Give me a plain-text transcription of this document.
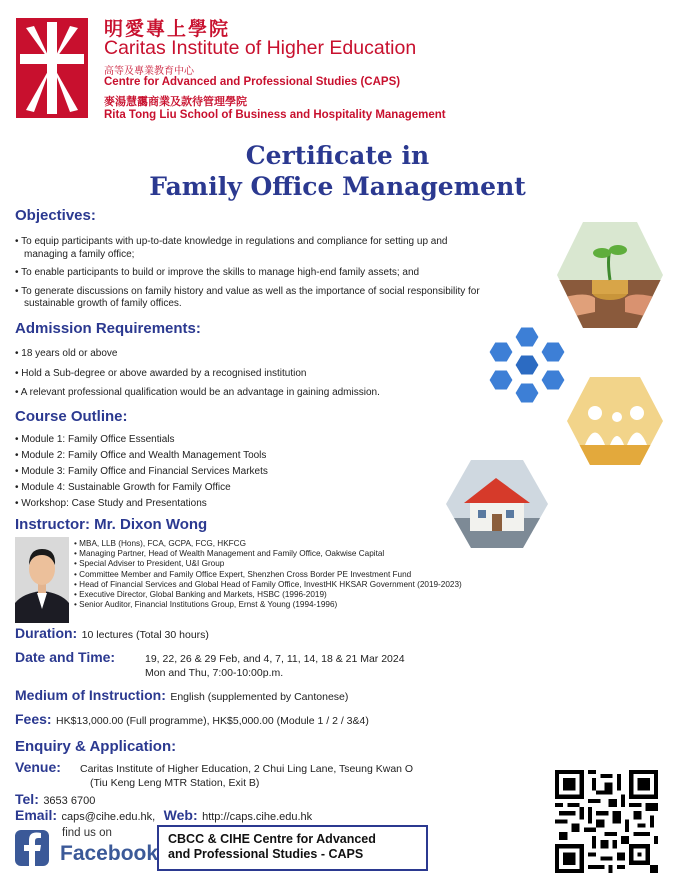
明愛專上學院
Caritas Institute of Higher Education
高等及專業教育中心
Centre for Advanced and Professional Studies (CAPS)
麥湯慧靄商業及款待管理學院
Rita Tong Liu School of Business and Hospitality Management
Certificate in
Family Office Management
Objectives:
• To equip participants with up-to-date knowledge in regulations and compliance for setting up and
managing a family office;
• To enable participants to build or improve the skills to manage high-end family assets; and
• To generate discussions on family history and value as well as the importance of social responsibility for
sustainable growth of family offices.
Admission Requirements:
• 18 years old or above
• Hold a Sub-degree or above awarded by a recognised institution
• A relevant professional qualification would be an advantage in gaining admission.
Course Outline:
• Module 1: Family Office Essentials
• Module 2: Family Office and Wealth Management Tools
• Module 3: Family Office and Financial Services Markets
• Module 4: Sustainable Growth for Family Office
• Workshop: Case Study and Presentations
Instructor: Mr. Dixon Wong
• MBA, LLB (Hons), FCA, GCPA, FCG, HKFCG
• Managing Partner, Head of Wealth Management and Family Office, Oakwise Capital
• Special Adviser to President, U&I Group
• Committee Member and Family Office Expert, Shenzhen Cross Border PE Investment Fund
• Head of Financial Services and Global Head of Family Office, InvestHK HKSAR Government (2019-2023)
• Executive Director, Global Banking and Markets, HSBC (1996-2019)
• Senior Auditor, Financial Institutions Group, Ernst & Young (1994-1996)
Duration: 10 lectures (Total 30 hours)
Date and Time:	19, 22, 26 & 29 Feb, and 4, 7, 11, 14, 18 & 21 Mar 2024
Mon and Thu, 7:00-10:00p.m.
Medium of Instruction: English (supplemented by Cantonese)
Fees: HK$13,000.00 (Full programme), HK$5,000.00 (Module 1 / 2 / 3&4)
Enquiry & Application:
Venue: Caritas Institute of Higher Education, 2 Chui Ling Lane, Tseung Kwan O
(Tiu Keng Leng MTR Station, Exit B)
Tel: 3653 6700
Email: caps@cihe.edu.hk, Web: http://caps.cihe.edu.hk
find us on
Facebook
CBCC & CIHE Centre for Advanced
and Professional Studies - CAPS
